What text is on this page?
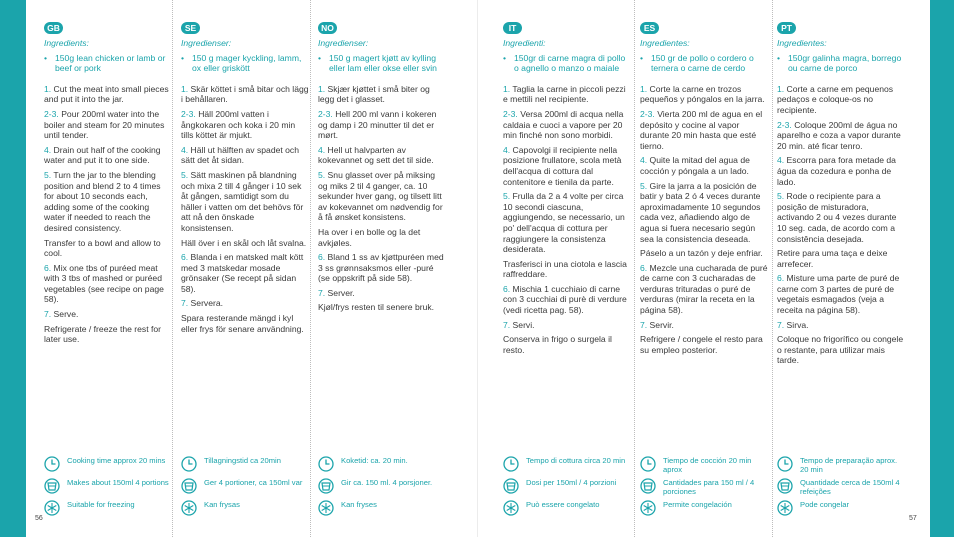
GB
Ingredients:
• 150g lean chicken or lamb or beef or pork
1. Cut the meat into small pieces and put it into the jar.
2-3. Pour 200ml water into the boiler and steam for 20 minutes until tender.
4. Drain out half of the cooking water and put it to one side.
5. Turn the jar to the blending position and blend 2 to 4 times for about 10 seconds each, adding some of the cooking water if needed to reach the desired consistency.
Transfer to a bowl and allow to cool.
6. Mix one tbs of puréed meat with 3 tbs of mashed or puréed vegetables (see recipe on page 58).
7. Serve.
Refrigerate / freeze the rest for later use.
Cooking time approx 20 mins
Makes about 150ml 4 portions
Suitable for freezing
SE
Ingredienser:
• 150 g mager kyckling, lamm, ox eller griskött
1. Skär köttet i små bitar och lägg i behållaren.
2-3. Häll 200ml vatten i ångkokaren och koka i 20 min tills köttet är mjukt.
4. Häll ut hälften av spadet och sätt det åt sidan.
5. Sätt maskinen på blandning och mixa 2 till 4 gånger i 10 sek åt gången, samtidigt som du häller i vatten om det behövs för att nå den önskade konsistensen.
Häll över i en skål och låt svalna.
6. Blanda i en matsked malt kött med 3 matskedar mosade grönsaker (Se recept på sidan 58).
7. Servera.
Spara resterande mängd i kyl eller frys för senare användning.
Tillagningstid ca 20min
Ger 4 portioner, ca 150ml var
Kan frysas
NO
Ingredienser:
• 150 g magert kjøtt av kylling eller lam eller okse eller svin
1. Skjær kjøttet i små biter og legg det i glasset.
2-3. Hell 200 ml vann i kokeren og damp i 20 minutter til det er mørt.
4. Hell ut halvparten av kokevannet og sett det til side.
5. Snu glasset over på miksing og miks 2 til 4 ganger, ca. 10 sekunder hver gang, og tilsett litt av kokevannet om nødvendig for å få ønsket konsistens.
Ha over i en bolle og la det avkjøles.
6. Bland 1 ss av kjøttpuréen med 3 ss grønnsaksmos eller -puré (se oppskrift på side 58).
7. Server.
Kjøl/frys resten til senere bruk.
Koketid: ca. 20 min.
Gir ca. 150 ml. 4 porsjoner.
Kan fryses
IT
Ingredienti:
• 150gr di carne magra di pollo o agnello o manzo o maiale
1. Taglia la carne in piccoli pezzi e mettili nel recipiente.
2-3. Versa 200ml di acqua nella caldaia e cuoci a vapore per 20 min finché non sono morbidi.
4. Capovolgi il recipiente nella posizione frullatore, scola metà dell'acqua di cottura dal contenitore e tienila da parte.
5. Frulla da 2 a 4 volte per circa 10 secondi ciascuna, aggiungendo, se necessario, un po' dell'acqua di cottura per raggiungere la consistenza desiderata.
Trasferisci in una ciotola e lascia raffreddare.
6. Mischia 1 cucchiaio di carne con 3 cucchiai di purè di verdure (vedi ricetta pag. 58).
7. Servi.
Conserva in frigo o surgela il resto.
Tempo di cottura circa 20 min
Dosi per 150ml / 4 porzioni
Può essere congelato
ES
Ingredientes:
• 150 gr de pollo o cordero o ternera o carne de cerdo
1. Corte la carne en trozos pequeños y póngalos en la jarra.
2-3. Vierta 200 ml de agua en el depósito y cocine al vapor durante 20 min hasta que esté tierno.
4. Quite la mitad del agua de cocción y póngala a un lado.
5. Gire la jarra a la posición de batir y bata 2 ó 4 veces durante aproximadamente 10 segundos cada vez, añadiendo algo de agua si fuera necesario según sea la consistencia deseada.
Páselo a un tazón y deje enfriar.
6. Mezcle una cucharada de puré de carne con 3 cucharadas de verduras trituradas o puré de verduras (mirar la receta en la página 58).
7. Servir.
Refrigere / congele el resto para su empleo posterior.
Tiempo de cocción 20 min aprox
Cantidades para 150 ml / 4 porciones
Permite congelación
PT
Ingredientes:
• 150gr galinha magra, borrego ou carne de porco
1. Corte a carne em pequenos pedaços e coloque-os no recipiente.
2-3. Coloque 200ml de água no aparelho e coza a vapor durante 20 min. até ficar tenro.
4. Escorra para fora metade da água da cozedura e ponha de lado.
5. Rode o recipiente para a posição de misturadora, activando 2 ou 4 vezes durante 10 seg. cada, de acordo com a consistência desejada.
Retire para uma taça e deixe arrefecer.
6. Misture uma parte de puré de carne com 3 partes de puré de vegetais esmagados (veja a receita na página 58).
7. Sirva.
Coloque no frigorífico ou congele o restante, para utilizar mais tarde.
Tempo de preparação aprox. 20 min
Quantidade cerca de 150ml 4 refeições
Pode congelar
56	57
